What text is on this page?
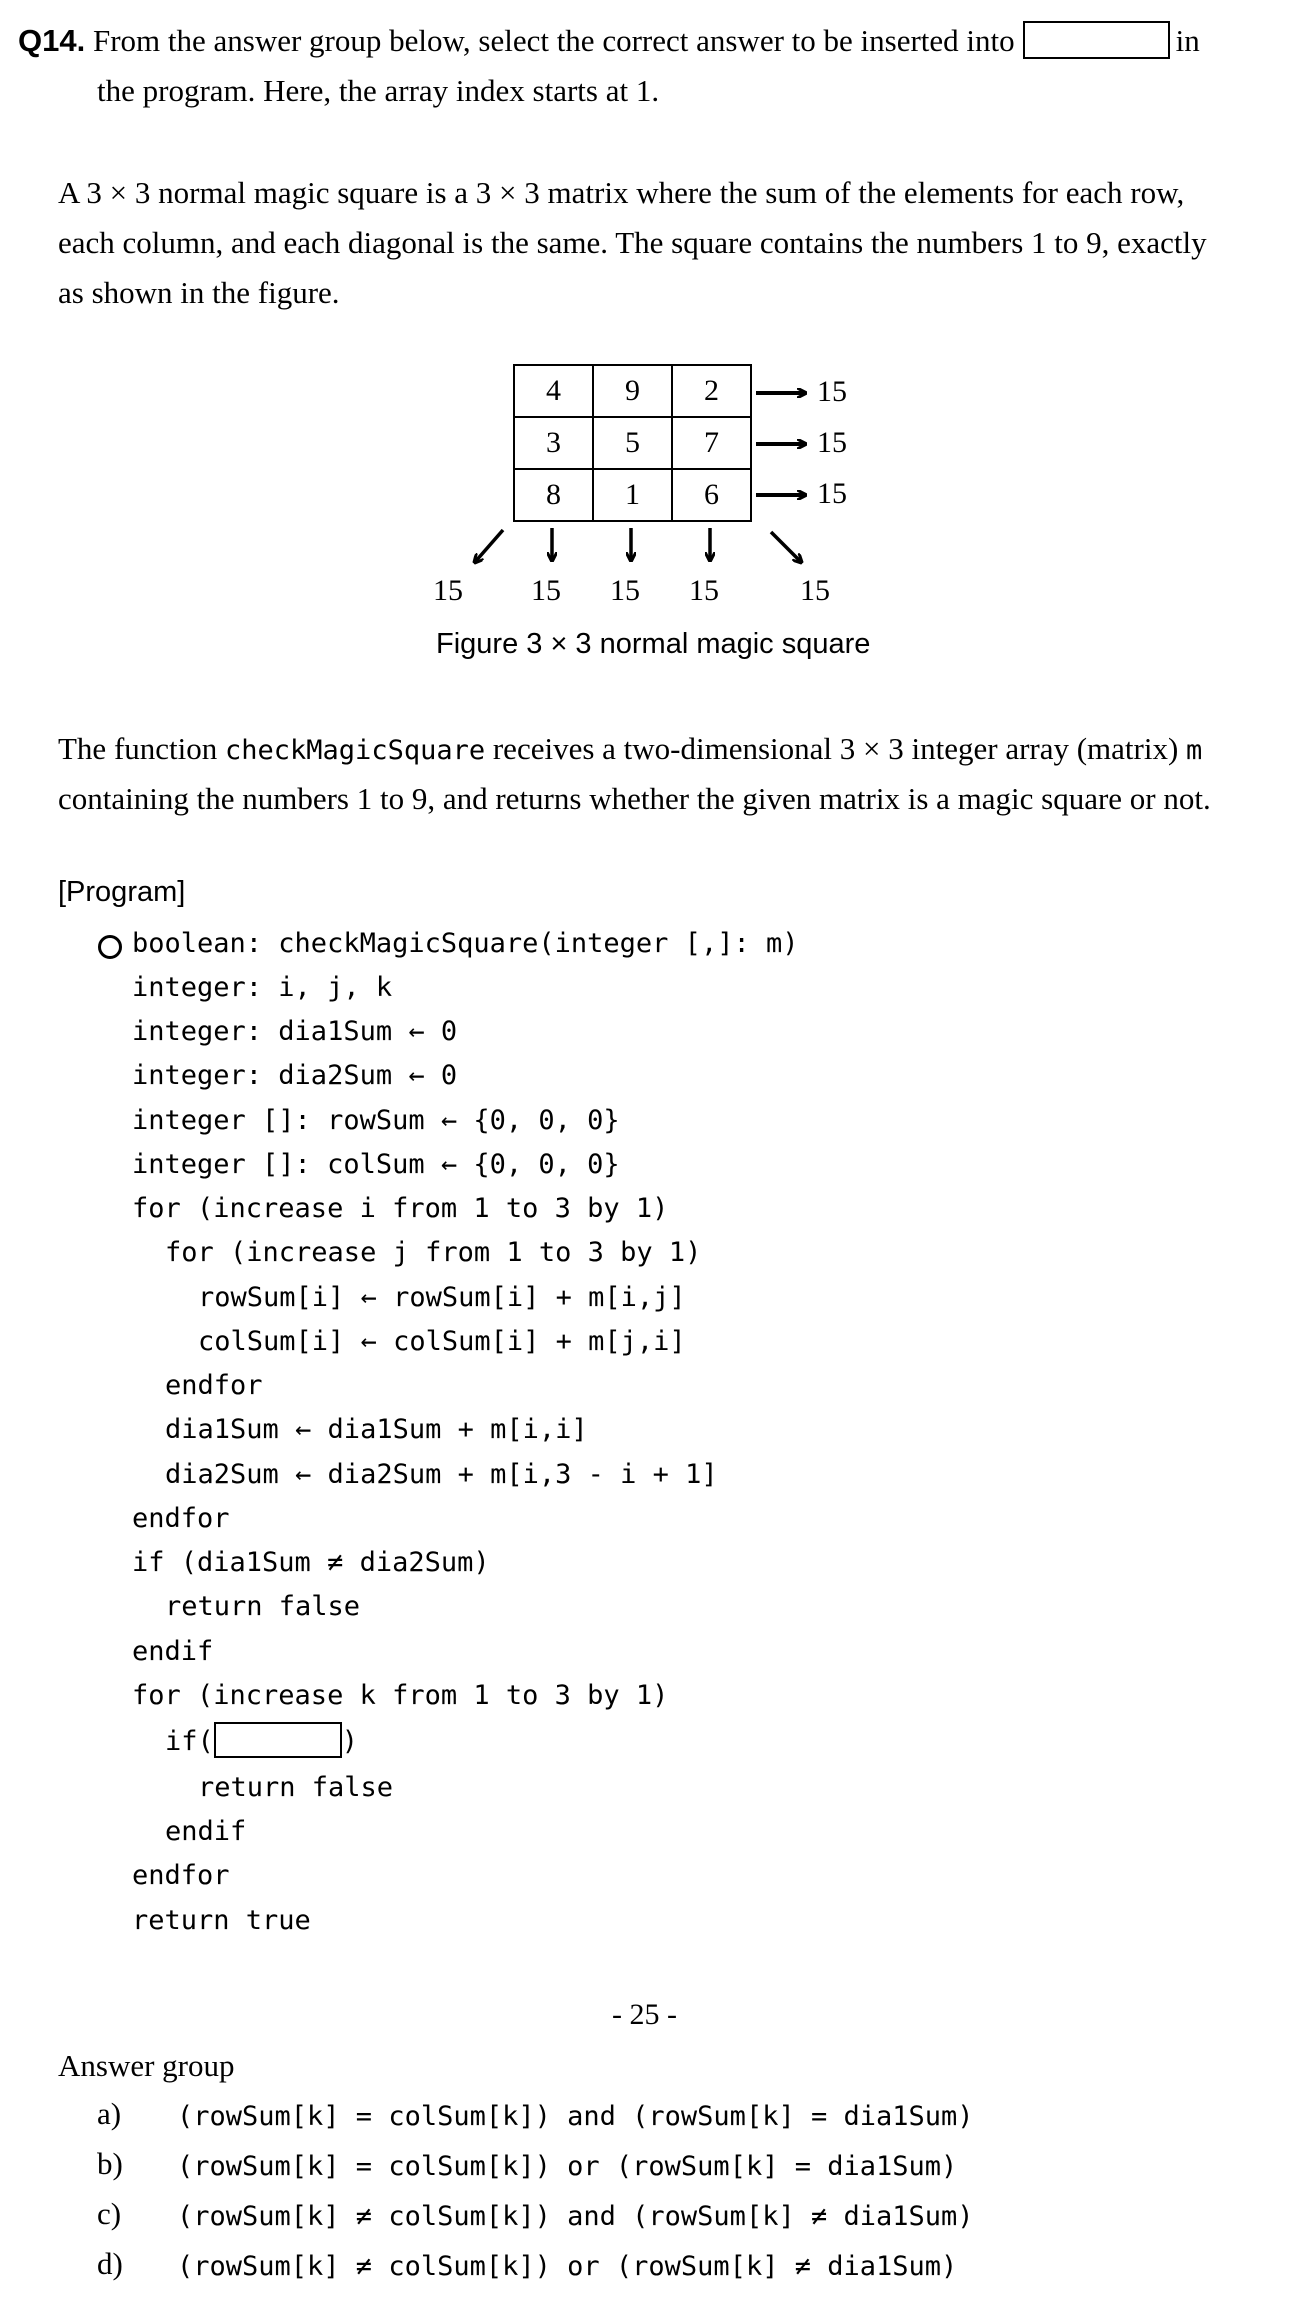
Q14. From the answer group below, select the correct answer to be inserted into	in
the program. Here, the array index starts at 1.
A 3 × 3 normal magic square is a 3 × 3 matrix where the sum of the elements for each row,
each column, and each diagonal is the same. The square contains the numbers 1 to 9, exactly
as shown in the figure.
4	9	2
3	5	7
8	1	6
15
15
15
15 15 15 15	15
Figure 3 × 3 normal magic square
The function checkMagicSquare receives a two-dimensional 3 × 3 integer array (matrix) m
containing the numbers 1 to 9, and returns whether the given matrix is a magic square or not.
[Program]
boolean: checkMagicSquare(integer [,]: m)
integer: i, j, k
integer: dia1Sum ← 0
integer: dia2Sum ← 0
integer []: rowSum ← {0, 0, 0}
integer []: colSum ← {0, 0, 0}
for (increase i from 1 to 3 by 1)
for (increase j from 1 to 3 by 1)
rowSum[i] ← rowSum[i] + m[i,j]
colSum[i] ← colSum[i] + m[j,i]
endfor
dia1Sum ← dia1Sum + m[i,i]
dia2Sum ← dia2Sum + m[i,3 - i + 1]
endfor
if (dia1Sum ≠ dia2Sum)
return false
endif
for (increase k from 1 to 3 by 1)
if(	)
return false
endif
endfor
return true
- 25 -
Answer group
a) (rowSum[k] = colSum[k]) and (rowSum[k] = dia1Sum)
b) (rowSum[k] = colSum[k]) or (rowSum[k] = dia1Sum)
c) (rowSum[k] ≠ colSum[k]) and (rowSum[k] ≠ dia1Sum)
d) (rowSum[k] ≠ colSum[k]) or (rowSum[k] ≠ dia1Sum)
